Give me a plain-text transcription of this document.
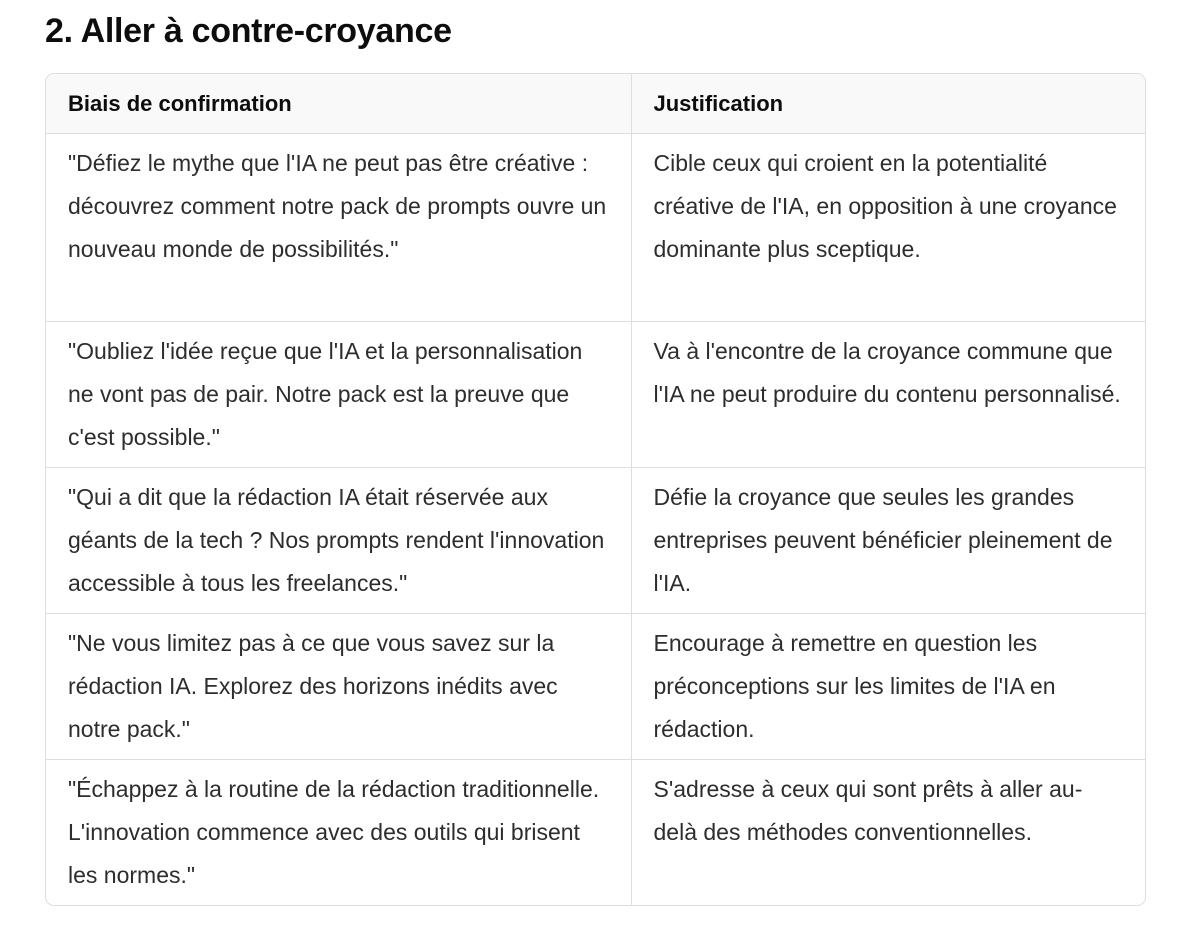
2. Aller à contre-croyance
Biais de confirmation	Justification
"Défiez le mythe que l'IA ne peut pas être créative : découvrez comment notre pack de prompts ouvre un nouveau monde de possibilités."	Cible ceux qui croient en la potentialité créative de l'IA, en opposition à une croyance dominante plus sceptique.
"Oubliez l'idée reçue que l'IA et la personnalisation ne vont pas de pair. Notre pack est la preuve que c'est possible."	Va à l'encontre de la croyance commune que l'IA ne peut produire du contenu personnalisé.
"Qui a dit que la rédaction IA était réservée aux géants de la tech ? Nos prompts rendent l'innovation accessible à tous les freelances."	Défie la croyance que seules les grandes entreprises peuvent bénéficier pleinement de l'IA.
"Ne vous limitez pas à ce que vous savez sur la rédaction IA. Explorez des horizons inédits avec notre pack."	Encourage à remettre en question les préconceptions sur les limites de l'IA en rédaction.
"Échappez à la routine de la rédaction traditionnelle. L'innovation commence avec des outils qui brisent les normes."	S'adresse à ceux qui sont prêts à aller au-delà des méthodes conventionnelles.
